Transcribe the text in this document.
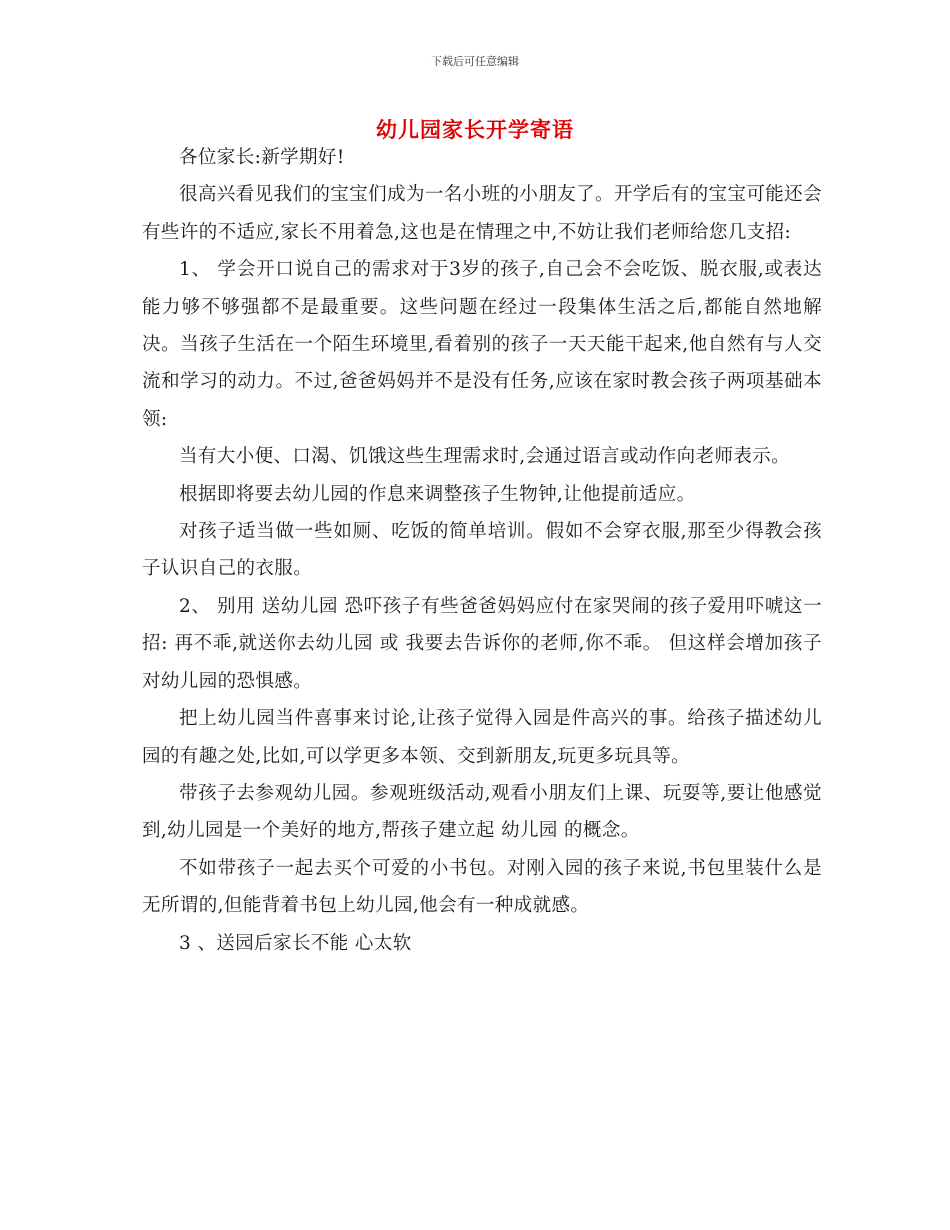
下载后可任意编辑
幼儿园家长开学寄语

各位家长:新学期好!

很高兴看见我们的宝宝们成为一名小班的小朋友了。开学后有的宝宝可能还会有些许的不适应,家长不用着急,这也是在情理之中,不妨让我们老师给您几支招:

1、 学会开口说自己的需求对于3岁的孩子,自己会不会吃饭、脱衣服,或表达能力够不够强都不是最重要。这些问题在经过一段集体生活之后,都能自然地解决。当孩子生活在一个陌生环境里,看着别的孩子一天天能干起来,他自然有与人交流和学习的动力。不过,爸爸妈妈并不是没有任务,应该在家时教会孩子两项基础本领:

当有大小便、口渴、饥饿这些生理需求时,会通过语言或动作向老师表示。

根据即将要去幼儿园的作息来调整孩子生物钟,让他提前适应。

对孩子适当做一些如厕、吃饭的简单培训。假如不会穿衣服,那至少得教会孩子认识自己的衣服。

2、 别用 送幼儿园 恐吓孩子有些爸爸妈妈应付在家哭闹的孩子爱用吓唬这一招: 再不乖,就送你去幼儿园 或 我要去告诉你的老师,你不乖。 但这样会增加孩子对幼儿园的恐惧感。

把上幼儿园当件喜事来讨论,让孩子觉得入园是件高兴的事。给孩子描述幼儿园的有趣之处,比如,可以学更多本领、交到新朋友,玩更多玩具等。

带孩子去参观幼儿园。参观班级活动,观看小朋友们上课、玩耍等,要让他感觉到,幼儿园是一个美好的地方,帮孩子建立起 幼儿园 的概念。

不如带孩子一起去买个可爱的小书包。对刚入园的孩子来说,书包里装什么是无所谓的,但能背着书包上幼儿园,他会有一种成就感。

3 、送园后家长不能 心太软
